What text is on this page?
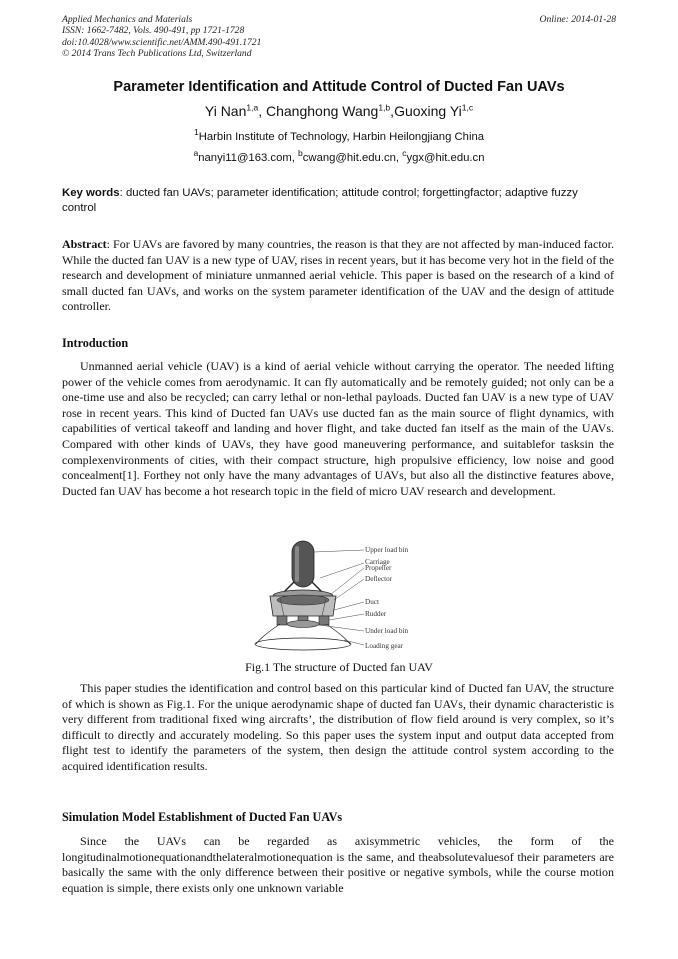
Applied Mechanics and Materials
ISSN: 1662-7482, Vols. 490-491, pp 1721-1728
doi:10.4028/www.scientific.net/AMM.490-491.1721
© 2014 Trans Tech Publications Ltd, Switzerland
Online: 2014-01-28
Parameter Identification and Attitude Control of Ducted Fan UAVs
Yi Nan$^{1,a}$, Changhong Wang$^{1,b}$,Guoxing Yi$^{1,c}$
$^1$Harbin Institute of Technology, Harbin Heilongjiang China
$^a$nanyi11@163.com, $^b$cwang@hit.edu.cn, $^c$ygx@hit.edu.cn
Key words: ducted fan UAVs; parameter identification; attitude control; forgettingfactor; adaptive fuzzy control
Abstract: For UAVs are favored by many countries, the reason is that they are not affected by man-induced factor. While the ducted fan UAV is a new type of UAV, rises in recent years, but it has become very hot in the field of the research and development of miniature unmanned aerial vehicle. This paper is based on the research of a kind of small ducted fan UAVs, and works on the system parameter identification of the UAV and the design of attitude controller.
Introduction
Unmanned aerial vehicle (UAV) is a kind of aerial vehicle without carrying the operator. The needed lifting power of the vehicle comes from aerodynamic. It can fly automatically and be remotely guided; not only can be a one-time use and also be recycled; can carry lethal or non-lethal payloads. Ducted fan UAV is a new type of UAV rose in recent years. This kind of Ducted fan UAVs use ducted fan as the main source of flight dynamics, with capabilities of vertical takeoff and landing and hover flight, and take ducted fan itself as the main of the UAVs. Compared with other kinds of UAVs, they have good maneuvering performance, and suitablefor tasksin the complexenvironments of cities, with their compact structure, high propulsive efficiency, low noise and good concealment[1]. Forthey not only have the many advantages of UAVs, but also all the distinctive features above, Ducted fan UAV has become a hot research topic in the field of micro UAV research and development.
Upper load bin
Carriage
Propeller
Deflector
Duct
Rudder
Under load bin
Loading gear
Fig.1 The structure of Ducted fan UAV
This paper studies the identification and control based on this particular kind of Ducted fan UAV, the structure of which is shown as Fig.1. For the unique aerodynamic shape of ducted fan UAVs, their dynamic characteristic is very different from traditional fixed wing aircrafts’, the distribution of flow field around is very complex, so it’s difficult to directly and accurately modeling. So this paper uses the system input and output data accepted from flight test to identify the parameters of the system, then design the attitude control system according to the acquired identification results.
Simulation Model Establishment of Ducted Fan UAVs
Since the UAVs can be regarded as axisymmetric vehicles, the form of the longitudinalmotionequationandthelateralmotionequation is the same, and theabsolutevaluesof their parameters are basically the same with the only difference between their positive or negative symbols, while the course motion equation is simple, there exists only one unknown variable
